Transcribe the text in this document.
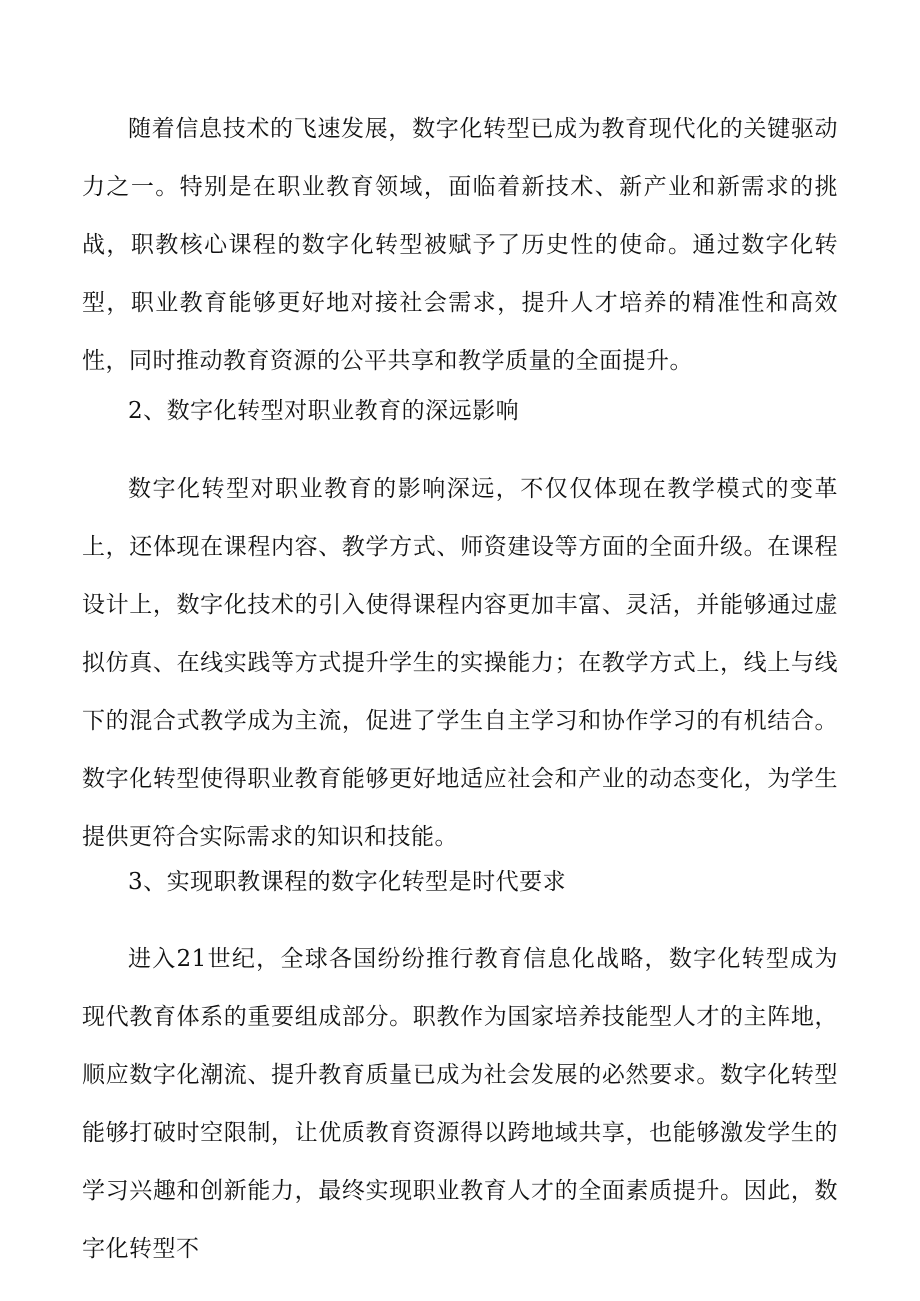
随着信息技术的飞速发展，数字化转型已成为教育现代化的关键驱动力之一。特别是在职业教育领域，面临着新技术、新产业和新需求的挑战，职教核心课程的数字化转型被赋予了历史性的使命。通过数字化转型，职业教育能够更好地对接社会需求，提升人才培养的精准性和高效性，同时推动教育资源的公平共享和教学质量的全面提升。

2、数字化转型对职业教育的深远影响

数字化转型对职业教育的影响深远，不仅仅体现在教学模式的变革上，还体现在课程内容、教学方式、师资建设等方面的全面升级。在课程设计上，数字化技术的引入使得课程内容更加丰富、灵活，并能够通过虚拟仿真、在线实践等方式提升学生的实操能力；在教学方式上，线上与线下的混合式教学成为主流，促进了学生自主学习和协作学习的有机结合。数字化转型使得职业教育能够更好地适应社会和产业的动态变化，为学生提供更符合实际需求的知识和技能。

3、实现职教课程的数字化转型是时代要求

进入21世纪，全球各国纷纷推行教育信息化战略，数字化转型成为现代教育体系的重要组成部分。职教作为国家培养技能型人才的主阵地，顺应数字化潮流、提升教育质量已成为社会发展的必然要求。数字化转型能够打破时空限制，让优质教育资源得以跨地域共享，也能够激发学生的学习兴趣和创新能力，最终实现职业教育人才的全面素质提升。因此，数字化转型不
